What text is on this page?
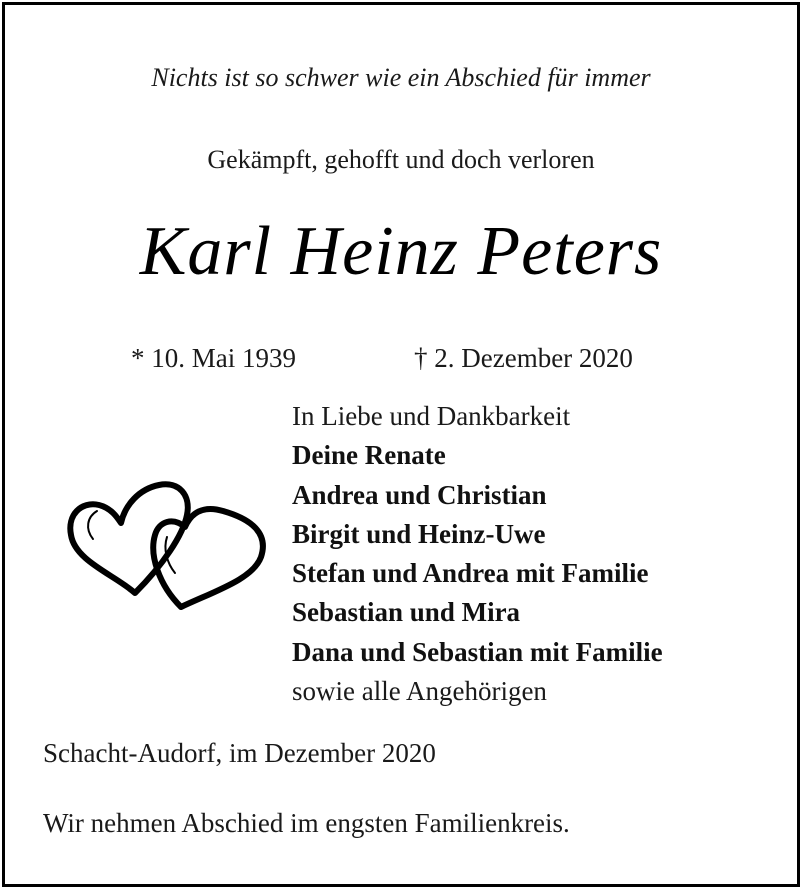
Nichts ist so schwer wie ein Abschied für immer
Gekämpft, gehofft und doch verloren
Karl Heinz Peters
* 10. Mai 1939	† 2. Dezember 2020
In Liebe und Dankbarkeit
Deine Renate
Andrea und Christian
Birgit und Heinz-Uwe
Stefan und Andrea mit Familie
Sebastian und Mira
Dana und Sebastian mit Familie
sowie alle Angehörigen
Schacht-Audorf, im Dezember 2020
Wir nehmen Abschied im engsten Familienkreis.
